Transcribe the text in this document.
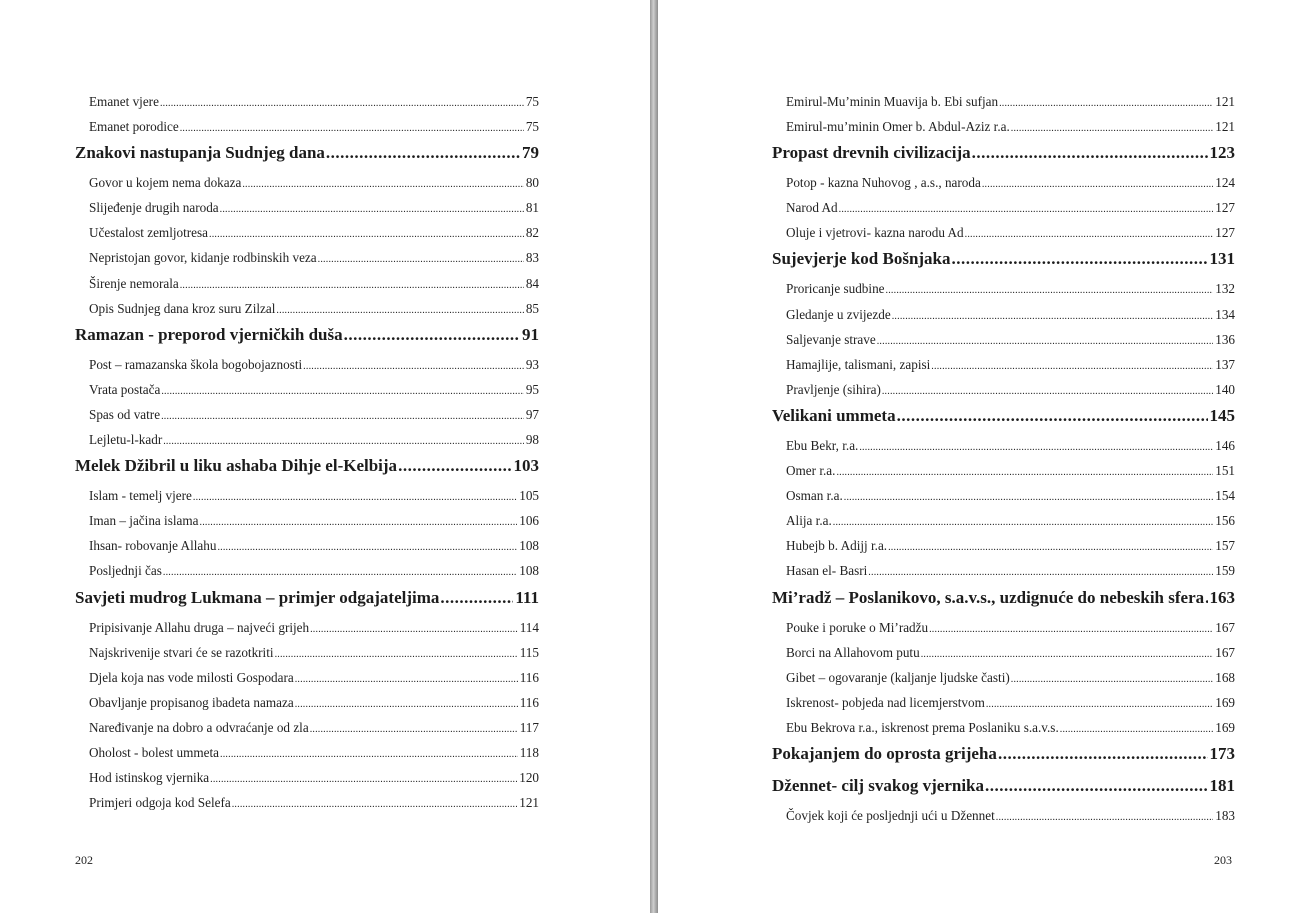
Emanet vjere .....	75
Emanet porodice .....	75
Znakovi nastupanja Sudnjeg dana .....	79
Govor u kojem nema dokaza .....	80
Slijeđenje drugih naroda .....	81
Učestalost zemljotresa .....	82
Nepristojan govor, kidanje rodbinskih veza .....	83
Širenje nemorala .....	84
Opis Sudnjeg dana kroz suru Zilzal .....	85
Ramazan - preporod vjerničkih duša .....	91
Post – ramazanska škola bogobojaznosti .....	93
Vrata postača .....	95
Spas od vatre .....	97
Lejletu-l-kadr .....	98
Melek Džibril u liku ashaba Dihje el-Kelbija .....	103
Islam - temelj vjere .....	105
Iman – jačina islama .....	106
Ihsan- robovanje Allahu .....	108
Posljednji čas .....	108
Savjeti mudrog Lukmana – primjer odgajateljima .....	111
Pripisivanje Allahu druga – najveći grijeh .....	114
Najskrivenije stvari će se razotkriti .....	115
Djela koja nas vode milosti Gospodara .....	116
Obavljanje propisanog ibadeta namaza .....	116
Naređivanje na dobro a odvraćanje od zla .....	117
Oholost - bolest ummeta .....	118
Hod istinskog vjernika .....	120
Primjeri odgoja kod Selefa .....	121
202
Emirul-Mu’minin Muavija b. Ebi sufjan .....	121
Emirul-mu’minin Omer b. Abdul-Aziz r.a. .....	121
Propast drevnih civilizacija .....	123
Potop - kazna Nuhovog , a.s., naroda .....	124
Narod Ad .....	127
Oluje i vjetrovi- kazna narodu Ad .....	127
Sujevjerje kod Bošnjaka .....	131
Proricanje sudbine .....	132
Gledanje u zvijezde .....	134
Saljevanje strave .....	136
Hamajlije, talismani, zapisi .....	137
Pravljenje (sihira) .....	140
Velikani ummeta .....	145
Ebu Bekr, r.a. .....	146
Omer r.a. .....	151
Osman r.a. .....	154
Alija r.a. .....	156
Hubejb b. Adijj r.a. .....	157
Hasan el- Basri .....	159
Mi’radž – Poslanikovo, s.a.v.s., uzdignuće do nebeskih sfera ..... 163
Pouke i poruke o Mi’radžu .....	167
Borci na Allahovom putu .....	167
Gibet – ogovaranje (kaljanje ljudske časti) .....	168
Iskrenost- pobjeda nad licemjerstvom .....	169
Ebu Bekrova r.a., iskrenost prema Poslaniku s.a.v.s. .....	169
Pokajanjem do oprosta grijeha .....	173
Džennet- cilj svakog vjernika .....	181
Čovjek koji će posljednji ući u Džennet .....	183
203
